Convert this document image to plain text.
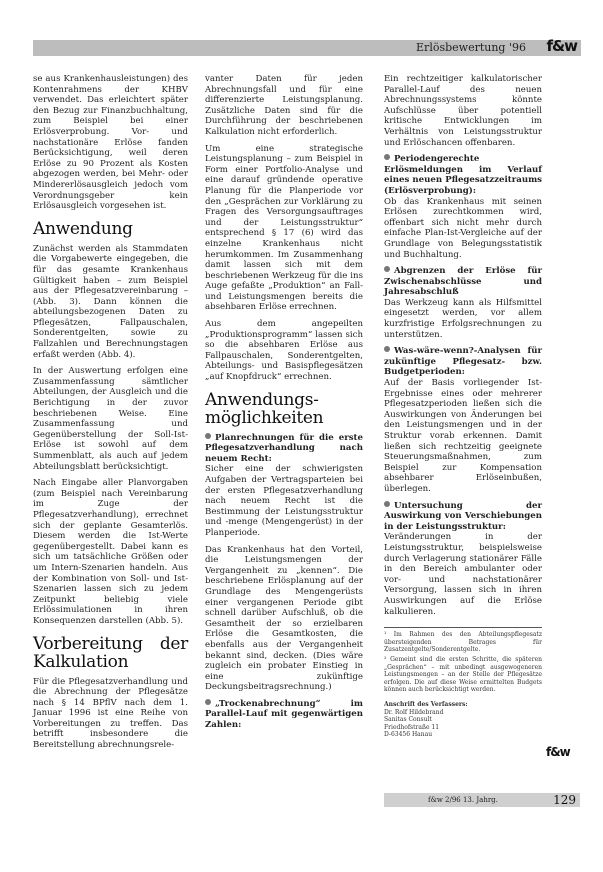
Erlösbewertung '96 f&w

se aus Krankenhausleistungen) des Kontenrahmens der KHBV verwendet. Das erleichtert später den Bezug zur Finanzbuchhaltung, zum Beispiel bei einer Erlösverprobung. Vor- und nachstationäre Erlöse fanden Berücksichtigung, weil deren Erlöse zu 90 Prozent als Kosten abgezogen werden, bei Mehr- oder Mindererlösausgleich jedoch vom Verordnungsgeber kein Erlösausgleich vorgesehen ist.

Anwendung

Zunächst werden als Stammdaten die Vorgabewerte eingegeben, die für das gesamte Krankenhaus Gültigkeit haben – zum Beispiel aus der Pflegesatzvereinbarung – (Abb. 3). Dann können die abteilungsbezogenen Daten zu Pflegesätzen, Fallpauschalen, Sonderentgelten, sowie zu Fallzahlen und Berechnungstagen erfaßt werden (Abb. 4).

In der Auswertung erfolgen eine Zusammenfassung sämtlicher Abteilungen, der Ausgleich und die Berichtigung in der zuvor beschriebenen Weise. Eine Zusammenfassung und Gegenüberstellung der Soll-Ist-Erlöse ist sowohl auf dem Summenblatt, als auch auf jedem Abteilungsblatt berücksichtigt.

Nach Eingabe aller Planvorgaben (zum Beispiel nach Vereinbarung im Zuge der Pflegesatzverhandlung), errechnet sich der geplante Gesamterlös. Diesem werden die Ist-Werte gegenübergestellt. Dabei kann es sich um tatsächliche Größen oder um Intern-Szenarien handeln. Aus der Kombination von Soll- und Ist-Szenarien lassen sich zu jedem Zeitpunkt beliebig viele Erlössimulationen in ihren Konsequenzen darstellen (Abb. 5).

Vorbereitung der Kalkulation

Für die Pflegesatzverhandlung und die Abrechnung der Pflegesätze nach § 14 BPflV nach dem 1. Januar 1996 ist eine Reihe von Vorbereitungen zu treffen. Das betrifft insbesondere die Bereitstellung abrechnungsrele-

vanter Daten für jeden Abrechnungsfall und für eine differenzierte Leistungsplanung. Zusätzliche Daten sind für die Durchführung der beschriebenen Kalkulation nicht erforderlich.

Um eine strategische Leistungsplanung – zum Beispiel in Form einer Portfolio-Analyse und eine darauf gründende operative Planung für die Planperiode vor den „Gesprächen zur Vorklärung zu Fragen des Versorgungsauftrages und der Leistungsstruktur“ entsprechend § 17 (6) wird das einzelne Krankenhaus nicht herumkommen. Im Zusammenhang damit lassen sich mit dem beschriebenen Werkzeug für die ins Auge gefaßte „Produktion“ an Fall- und Leistungsmengen bereits die absehbaren Erlöse errechnen.

Aus dem angepeilten „Produktionsprogramm“ lassen sich so die absehbaren Erlöse aus Fallpauschalen, Sonderentgelten, Abteilungs- und Basispflegesätzen „auf Knopfdruck“ errechnen.

Anwendungs-möglichkeiten
Planrechnungen für die erste Pflegesatzverhandlung nach neuem Recht:

Sicher eine der schwierigsten Aufgaben der Vertragsparteien bei der ersten Pflegesatzverhandlung nach neuem Recht ist die Bestimmung der Leistungsstruktur und -menge (Mengengerüst) in der Planperiode.

Das Krankenhaus hat den Vorteil, die Leistungsmengen der Vergangenheit zu „kennen“. Die beschriebene Erlösplanung auf der Grundlage des Mengengerüsts einer vergangenen Periode gibt schnell darüber Aufschluß, ob die Gesamtheit der so erzielbaren Erlöse die Gesamtkosten, die ebenfalls aus der Vergangenheit bekannt sind, decken. (Dies wäre zugleich ein probater Einstieg in eine zukünftige Deckungsbeitragsrechnung.)

„Trockenabrechnung“ im Parallel-Lauf mit gegenwärtigen Zahlen:

Ein rechtzeitiger kalkulatorischer Parallel-Lauf des neuen Abrechnungssystems könnte Aufschlüsse über potentiell kritische Entwicklungen im Verhältnis von Leistungsstruktur und Erlöschancen offenbaren.

Periodengerechte Erlösmeldungen im Verlauf eines neuen Pflegesatzzeitraums (Erlösverprobung):

Ob das Krankenhaus mit seinen Erlösen zurechtkommen wird, offenbart sich nicht mehr durch einfache Plan-Ist-Vergleiche auf der Grundlage von Belegungsstatistik und Buchhaltung.

Abgrenzen der Erlöse für Zwischenabschlüsse und Jahresabschluß

Das Werkzeug kann als Hilfsmittel eingesetzt werden, vor allem kurzfristige Erfolgsrechnungen zu unterstützen.

Was-wäre-wenn?-Analysen für zukünftige Pflegesatz- bzw. Budgetperioden:

Auf der Basis vorliegender Ist-Ergebnisse eines oder mehrerer Pflegesatzperioden ließen sich die Auswirkungen von Änderungen bei den Leistungsmengen und in der Struktur vorab erkennen. Damit ließen sich rechtzeitig geeignete Steuerungsmaßnahmen, zum Beispiel zur Kompensation absehbarer Erlöseinbußen, überlegen.

Untersuchung der Auswirkung von Verschiebungen in der Leistungsstruktur:

Veränderungen in der Leistungsstruktur, beispielsweise durch Verlagerung stationärer Fälle in den Bereich ambulanter oder vor- und nachstationärer Versorgung, lassen sich in ihren Auswirkungen auf die Erlöse kalkulieren.

¹ Im Rahmen des den Abteilungspflegesatz übersteigenden Betrages für Zusatzentgelte/Sonderentgelte.

² Gemeint sind die ersten Schritte, die späteren „Gesprächen“ – mit unbedingt ausgewogeneren Leistungsmengen – an der Stelle der Pflegesätze erfolgen. Die auf diese Weise ermittelten Budgets können auch berücksichtigt werden.

Anschrift des Verfassers:
Dr. Rolf Hildebrand
Sanitas Consult
Friedhofstraße 11
D-63456 Hanau
f&w
f&w 2/96 13. Jahrg.	129
